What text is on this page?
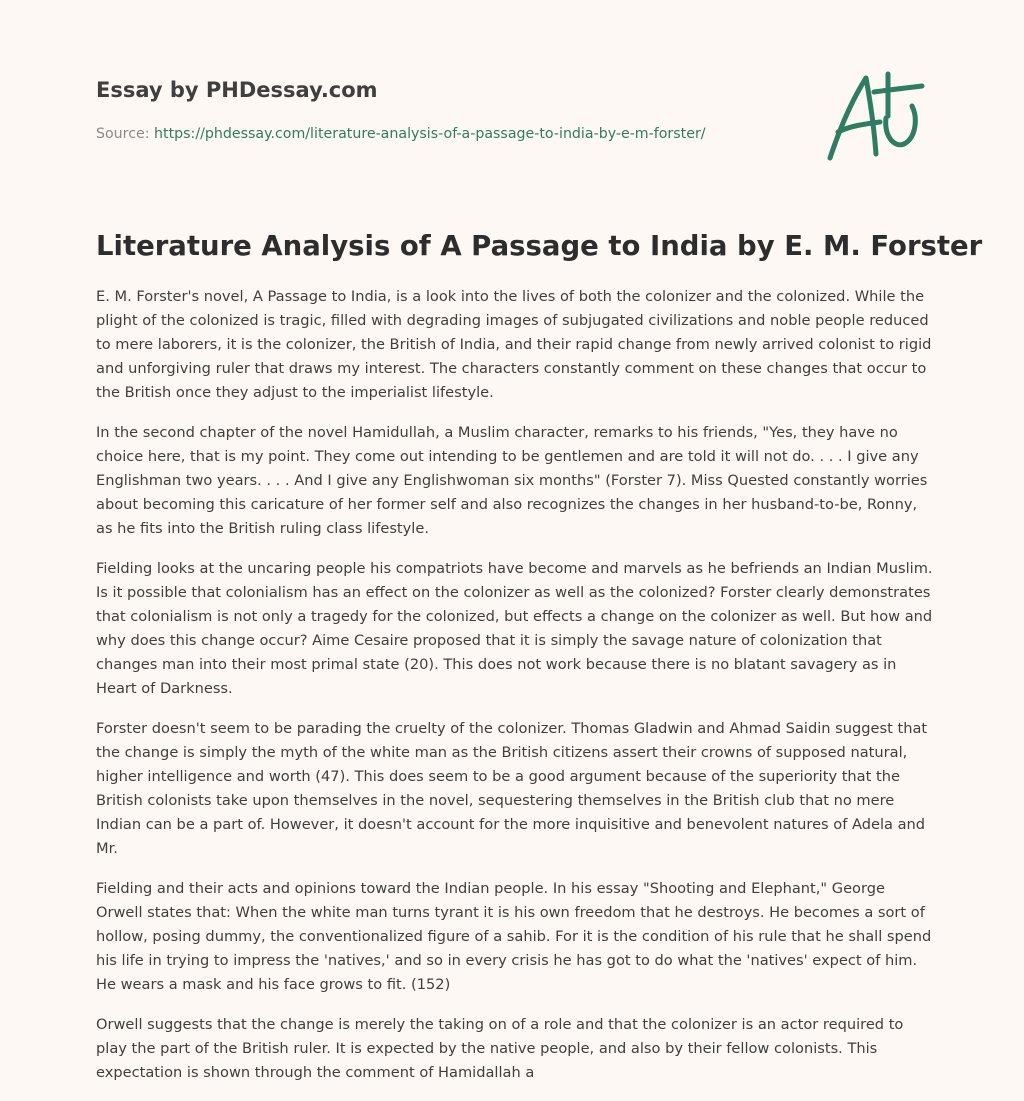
Essay by PHDessay.com
Source: https://phdessay.com/literature-analysis-of-a-passage-to-india-by-e-m-forster/
Literature Analysis of A Passage to India by E. M. Forster

E. M. Forster's novel, A Passage to India, is a look into the lives of both the colonizer and the colonized. While the plight of the colonized is tragic, filled with degrading images of subjugated civilizations and noble people reduced to mere laborers, it is the colonizer, the British of India, and their rapid change from newly arrived colonist to rigid and unforgiving ruler that draws my interest. The characters constantly comment on these changes that occur to the British once they adjust to the imperialist lifestyle.

In the second chapter of the novel Hamidullah, a Muslim character, remarks to his friends, "Yes, they have no choice here, that is my point. They come out intending to be gentlemen and are told it will not do. . . . I give any Englishman two years. . . . And I give any Englishwoman six months" (Forster 7). Miss Quested constantly worries about becoming this caricature of her former self and also recognizes the changes in her husband-to-be, Ronny, as he fits into the British ruling class lifestyle.

Fielding looks at the uncaring people his compatriots have become and marvels as he befriends an Indian Muslim. Is it possible that colonialism has an effect on the colonizer as well as the colonized? Forster clearly demonstrates that colonialism is not only a tragedy for the colonized, but effects a change on the colonizer as well. But how and why does this change occur? Aime Cesaire proposed that it is simply the savage nature of colonization that changes man into their most primal state (20). This does not work because there is no blatant savagery as in Heart of Darkness.

Forster doesn't seem to be parading the cruelty of the colonizer. Thomas Gladwin and Ahmad Saidin suggest that the change is simply the myth of the white man as the British citizens assert their crowns of supposed natural, higher intelligence and worth (47). This does seem to be a good argument because of the superiority that the British colonists take upon themselves in the novel, sequestering themselves in the British club that no mere Indian can be a part of. However, it doesn't account for the more inquisitive and benevolent natures of Adela and Mr.

Fielding and their acts and opinions toward the Indian people. In his essay "Shooting and Elephant," George Orwell states that: When the white man turns tyrant it is his own freedom that he destroys. He becomes a sort of hollow, posing dummy, the conventionalized figure of a sahib. For it is the condition of his rule that he shall spend his life in trying to impress the 'natives,' and so in every crisis he has got to do what the 'natives' expect of him. He wears a mask and his face grows to fit. (152)

Orwell suggests that the change is merely the taking on of a role and that the colonizer is an actor required to play the part of the British ruler. It is expected by the native people, and also by their fellow colonists. This expectation is shown through the comment of Hamidallah a
